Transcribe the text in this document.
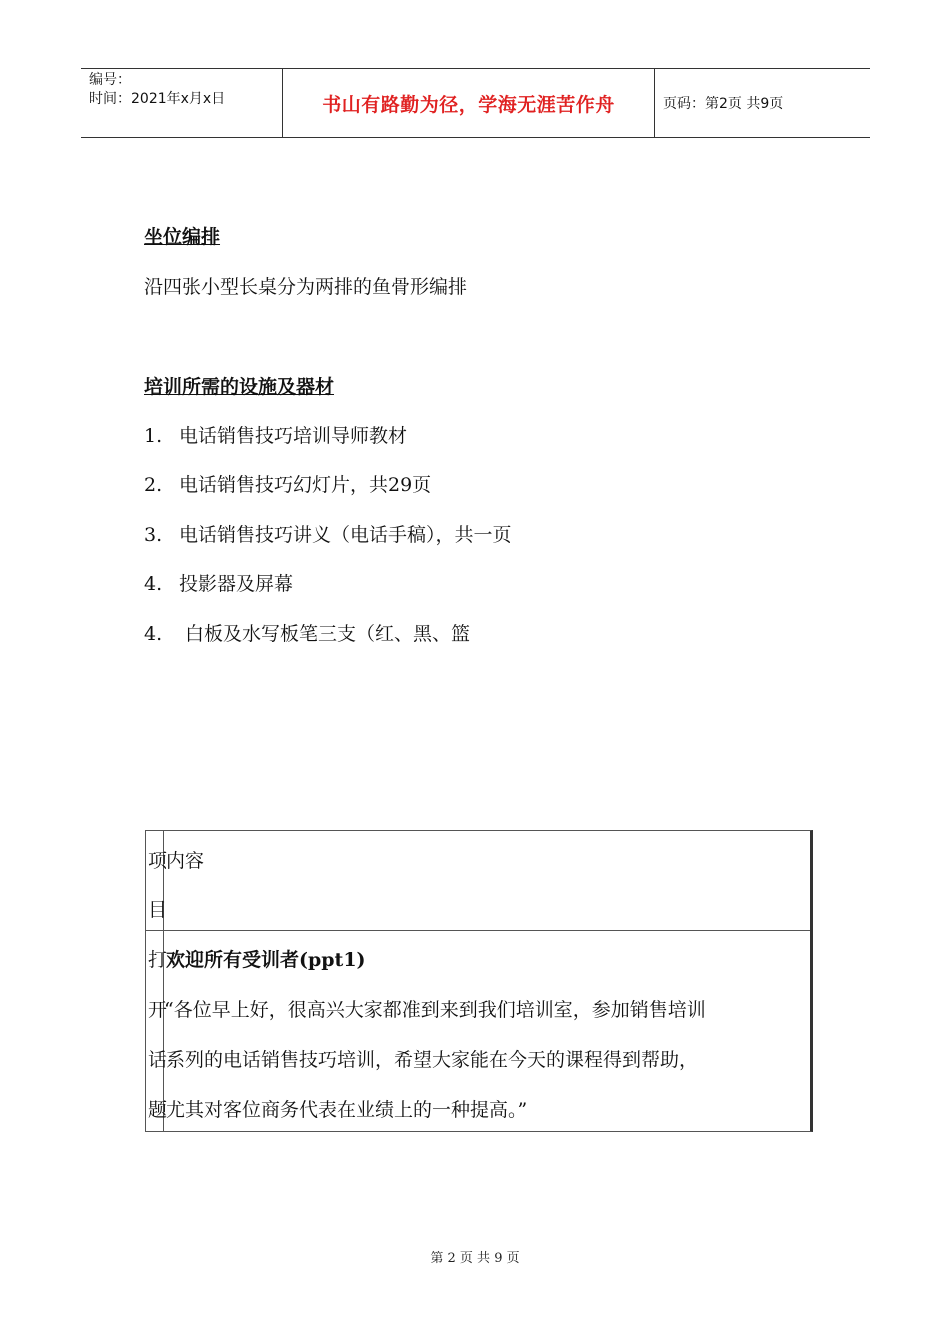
编号：
时间：2021年x月x日	书山有路勤为径，学海无涯苦作舟	页码：第2页 共9页
坐位编排
沿四张小型长桌分为两排的鱼骨形编排
培训所需的设施及器材
1. 电话销售技巧培训导师教材
2. 电话销售技巧幻灯片，共29页
3. 电话销售技巧讲义（电话手稿），共一页
4. 投影器及屏幕
4. 白板及水写板笔三支（红、黑、篮
项
目
内容
打
开
话
题
欢迎所有受训者(ppt1)
“各位早上好，很高兴大家都准到来到我们培训室，参加销售培训
系列的电话销售技巧培训，希望大家能在今天的课程得到帮助，
尤其对客位商务代表在业绩上的一种提高。”
第 2 页 共 9 页
